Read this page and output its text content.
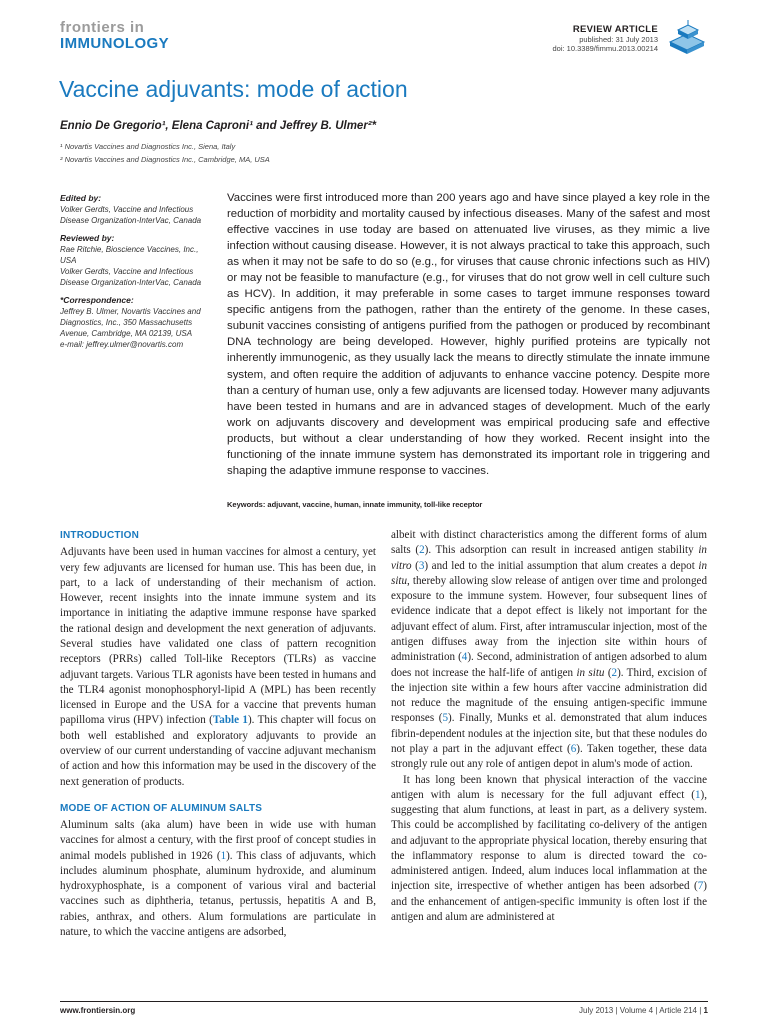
frontiers in
IMMUNOLOGY
REVIEW ARTICLE
published: 31 July 2013
doi: 10.3389/fimmu.2013.00214
Vaccine adjuvants: mode of action
Ennio De Gregorio¹, Elena Caproni¹ and Jeffrey B. Ulmer²*
¹ Novartis Vaccines and Diagnostics Inc., Siena, Italy
² Novartis Vaccines and Diagnostics Inc., Cambridge, MA, USA
Edited by:
Volker Gerdts, Vaccine and Infectious Disease Organization-InterVac, Canada
Reviewed by:
Rae Ritchie, Bioscience Vaccines, Inc., USA
Volker Gerdts, Vaccine and Infectious Disease Organization-InterVac, Canada
*Correspondence:
Jeffrey B. Ulmer, Novartis Vaccines and Diagnostics, Inc., 350 Massachusetts Avenue, Cambridge, MA 02139, USA
e-mail: jeffrey.ulmer@novartis.com

Vaccines were first introduced more than 200 years ago and have since played a key role in the reduction of morbidity and mortality caused by infectious diseases. Many of the safest and most effective vaccines in use today are based on attenuated live viruses, as they mimic a live infection without causing disease. However, it is not always practical to take this approach, such as when it may not be safe to do so (e.g., for viruses that cause chronic infections such as HIV) or may not be feasible to manufacture (e.g., for viruses that do not grow well in cell culture such as HCV). In addition, it may preferable in some cases to target immune responses toward specific antigens from the pathogen, rather than the entirety of the genome. In these cases, subunit vaccines consisting of antigens purified from the pathogen or produced by recombinant DNA technology are being developed. However, highly purified proteins are typically not inherently immunogenic, as they usually lack the means to directly stimulate the innate immune system, and often require the addition of adjuvants to enhance vaccine potency. Despite more than a century of human use, only a few adjuvants are licensed today. However many adjuvants have been tested in humans and are in advanced stages of development. Much of the early work on adjuvants discovery and development was empirical producing safe and effective products, but without a clear understanding of how they worked. Recent insight into the functioning of the innate immune system has demonstrated its important role in triggering and shaping the adaptive immune response to vaccines.

Keywords: adjuvant, vaccine, human, innate immunity, toll-like receptor
INTRODUCTION

Adjuvants have been used in human vaccines for almost a century, yet very few adjuvants are licensed for human use. This has been due, in part, to a lack of understanding of their mechanism of action. However, recent insights into the innate immune system and its importance in initiating the adaptive immune response have sparked the rational design and development the next generation of adjuvants. Several studies have validated one class of pattern recognition receptors (PRRs) called Toll-like Receptors (TLRs) as vaccine adjuvant targets. Various TLR agonists have been tested in humans and the TLR4 agonist monophosphoryl-lipid A (MPL) has been recently licensed in Europe and the USA for a vaccine that prevents human papilloma virus (HPV) infection (Table 1). This chapter will focus on both well established and exploratory adjuvants to provide an overview of our current understanding of vaccine adjuvant mechanism of action and how this information may be used in the discovery of the next generation of products.

MODE OF ACTION OF ALUMINUM SALTS

Aluminum salts (aka alum) have been in wide use with human vaccines for almost a century, with the first proof of concept studies in animal models published in 1926 (1). This class of adjuvants, which includes aluminum phosphate, aluminum hydroxide, and aluminum hydroxyphosphate, is a component of various viral and bacterial vaccines such as diphtheria, tetanus, pertussis, hepatitis A and B, rabies, anthrax, and others. Alum formulations are particulate in nature, to which the vaccine antigens are adsorbed,

albeit with distinct characteristics among the different forms of alum salts (2). This adsorption can result in increased antigen stability in vitro (3) and led to the initial assumption that alum creates a depot in situ, thereby allowing slow release of antigen over time and prolonged exposure to the immune system. However, four subsequent lines of evidence indicate that a depot effect is likely not important for the adjuvant effect of alum. First, after intramuscular injection, most of the antigen diffuses away from the injection site within hours of administration (4). Second, administration of antigen adsorbed to alum does not increase the half-life of antigen in situ (2). Third, excision of the injection site within a few hours after vaccine administration did not reduce the magnitude of the ensuing antigen-specific immune responses (5). Finally, Munks et al. demonstrated that alum induces fibrin-dependent nodules at the injection site, but that these nodules do not play a part in the adjuvant effect (6). Taken together, these data strongly rule out any role of antigen depot in alum's mode of action.

It has long been known that physical interaction of the vaccine antigen with alum is necessary for the full adjuvant effect (1), suggesting that alum functions, at least in part, as a delivery system. This could be accomplished by facilitating co-delivery of the antigen and adjuvant to the appropriate physical location, thereby ensuring that the inflammatory response to alum is directed toward the co-administered antigen. Indeed, alum induces local inflammation at the injection site, irrespective of whether antigen has been adsorbed (7) and the enhancement of antigen-specific immunity is often lost if the antigen and alum are administered at

www.frontiersin.org	July 2013 | Volume 4 | Article 214 | 1
